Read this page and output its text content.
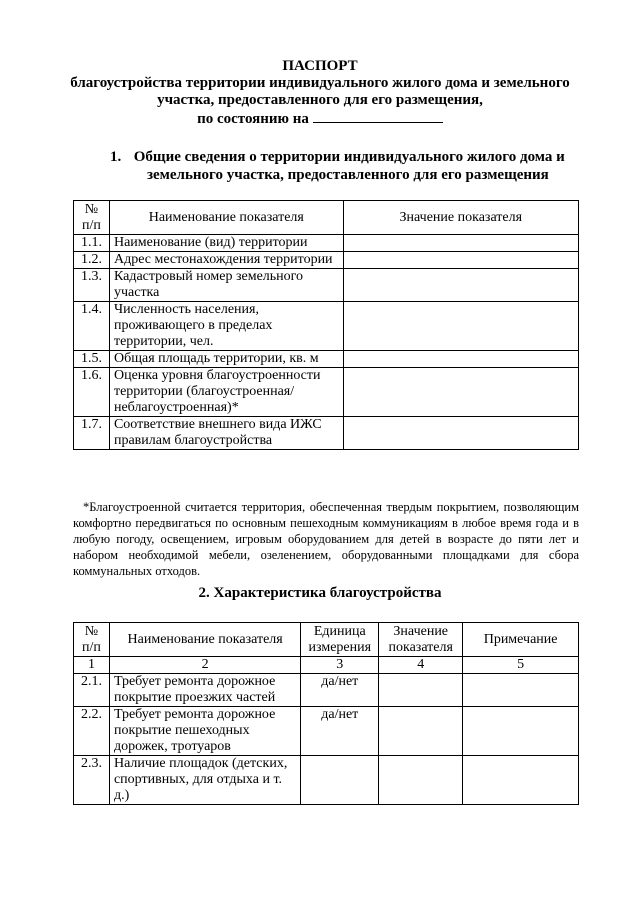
ПАСПОРТ
благоустройства территории индивидуального жилого дома и земельного
участка, предоставленного для его размещения,
по состоянию на
1. Общие сведения о территории индивидуального жилого дома и
земельного участка, предоставленного для его размещения
№ п/п	Наименование показателя	Значение показателя
1.1.	Наименование (вид) территории	
1.2.	Адрес местонахождения территории	
1.3.	Кадастровый номер земельного участка	
1.4.	Численность населения, проживающего в пределах территории, чел.	
1.5.	Общая площадь территории, кв. м	
1.6.	Оценка уровня благоустроенности территории (благоустроенная/ неблагоустроенная)*	
1.7.	Соответствие внешнего вида ИЖС правилам благоустройства	
*Благоустроенной считается территория, обеспеченная твердым покрытием, позволяющим комфортно передвигаться по основным пешеходным коммуникациям в любое время года и в любую погоду, освещением, игровым оборудованием для детей в возрасте до пяти лет и набором необходимой мебели, озеленением, оборудованными площадками для сбора коммунальных отходов.
2. Характеристика благоустройства
№ п/п	Наименование показателя	Единица измерения	Значение показателя	Примечание
1	2	3	4	5
2.1.	Требует ремонта дорожное покрытие проезжих частей	да/нет		
2.2.	Требует ремонта дорожное покрытие пешеходных дорожек, тротуаров	да/нет		
2.3.	Наличие площадок (детских, спортивных, для отдыха и т. д.)			
